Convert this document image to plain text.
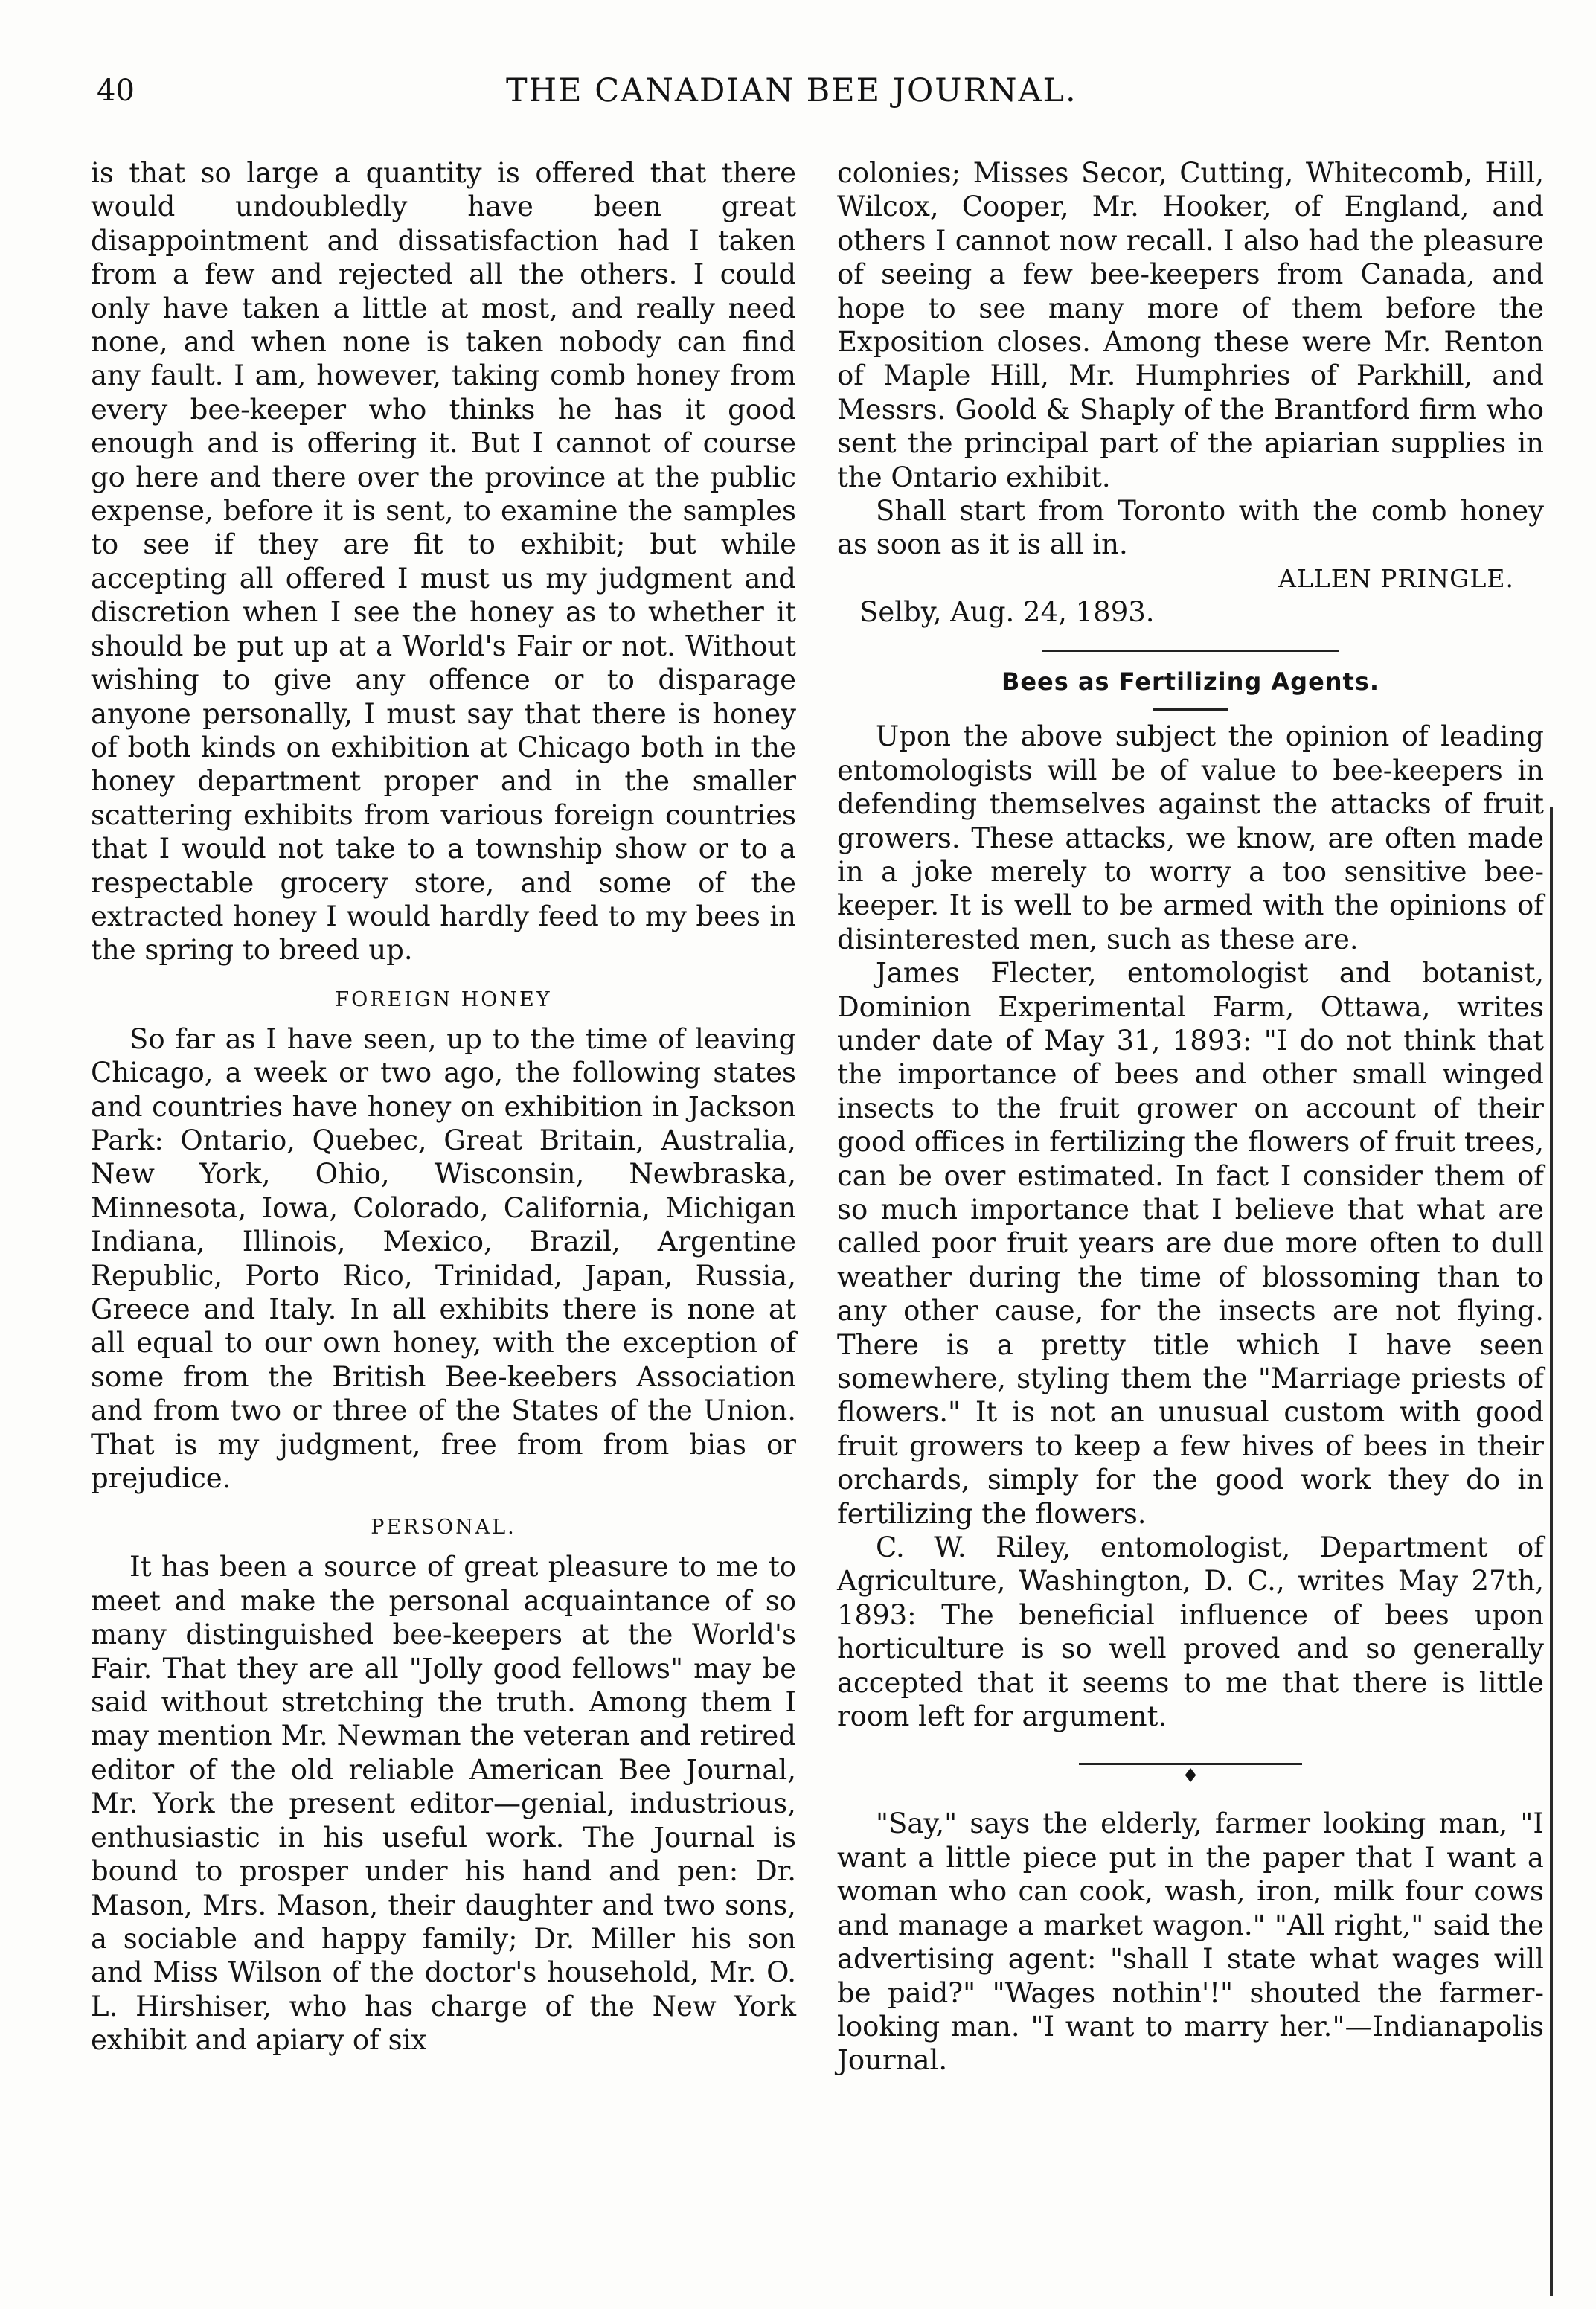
40	THE CANADIAN BEE JOURNAL.

is that so large a quantity is offered that there would undoubledly have been great disappointment and dissatisfaction had I taken from a few and rejected all the others. I could only have taken a little at most, and really need none, and when none is taken nobody can find any fault. I am, however, taking comb honey from every bee-keeper who thinks he has it good enough and is offering it. But I cannot of course go here and there over the province at the public expense, before it is sent, to examine the samples to see if they are fit to exhibit; but while accepting all offered I must us my judgment and discretion when I see the honey as to whether it should be put up at a World's Fair or not. Without wishing to give any offence or to disparage anyone personally, I must say that there is honey of both kinds on exhibition at Chicago both in the honey department proper and in the smaller scattering exhibits from various foreign countries that I would not take to a township show or to a respectable grocery store, and some of the extracted honey I would hardly feed to my bees in the spring to breed up.

FOREIGN HONEY

So far as I have seen, up to the time of leaving Chicago, a week or two ago, the following states and countries have honey on exhibition in Jackson Park: Ontario, Quebec, Great Britain, Australia, New York, Ohio, Wisconsin, Newbraska, Minnesota, Iowa, Colorado, California, Michigan Indiana, Illinois, Mexico, Brazil, Argentine Republic, Porto Rico, Trinidad, Japan, Russia, Greece and Italy. In all exhibits there is none at all equal to our own honey, with the exception of some from the British Bee-keebers Association and from two or three of the States of the Union. That is my judgment, free from from bias or prejudice.

PERSONAL.

It has been a source of great pleasure to me to meet and make the personal acquaintance of so many distinguished bee-keepers at the World's Fair. That they are all "Jolly good fellows" may be said without stretching the truth. Among them I may mention Mr. Newman the veteran and retired editor of the old reliable American Bee Journal, Mr. York the present editor—genial, industrious, enthusiastic in his useful work. The Journal is bound to prosper under his hand and pen: Dr. Mason, Mrs. Mason, their daughter and two sons, a sociable and happy family; Dr. Miller his son and Miss Wilson of the doctor's household, Mr. O. L. Hirshiser, who has charge of the New York exhibit and apiary of six

colonies; Misses Secor, Cutting, Whitecomb, Hill, Wilcox, Cooper, Mr. Hooker, of England, and others I cannot now recall. I also had the pleasure of seeing a few bee-keepers from Canada, and hope to see many more of them before the Exposition closes. Among these were Mr. Renton of Maple Hill, Mr. Humphries of Parkhill, and Messrs. Goold & Shaply of the Brantford firm who sent the principal part of the apiarian supplies in the Ontario exhibit.

Shall start from Toronto with the comb honey as soon as it is all in.

ALLEN PRINGLE.
Selby, Aug. 24, 1893.
Bees as Fertilizing Agents.

Upon the above subject the opinion of leading entomologists will be of value to bee-keepers in defending themselves against the attacks of fruit growers. These attacks, we know, are often made in a joke merely to worry a too sensitive bee-keeper. It is well to be armed with the opinions of disinterested men, such as these are.

James Flecter, entomologist and botanist, Dominion Experimental Farm, Ottawa, writes under date of May 31, 1893: "I do not think that the importance of bees and other small winged insects to the fruit grower on account of their good offices in fertilizing the flowers of fruit trees, can be over estimated. In fact I consider them of so much importance that I believe that what are called poor fruit years are due more often to dull weather during the time of blossoming than to any other cause, for the insects are not flying. There is a pretty title which I have seen somewhere, styling them the "Marriage priests of flowers." It is not an unusual custom with good fruit growers to keep a few hives of bees in their orchards, simply for the good work they do in fertilizing the flowers.

C. W. Riley, entomologist, Department of Agriculture, Washington, D. C., writes May 27th, 1893: The beneficial influence of bees upon horticulture is so well proved and so generally accepted that it seems to me that there is little room left for argument.

♦

"Say," says the elderly, farmer looking man, "I want a little piece put in the paper that I want a woman who can cook, wash, iron, milk four cows and manage a market wagon." "All right," said the advertising agent: "shall I state what wages will be paid?" "Wages nothin'!" shouted the farmer-looking man. "I want to marry her."—Indianapolis Journal.
